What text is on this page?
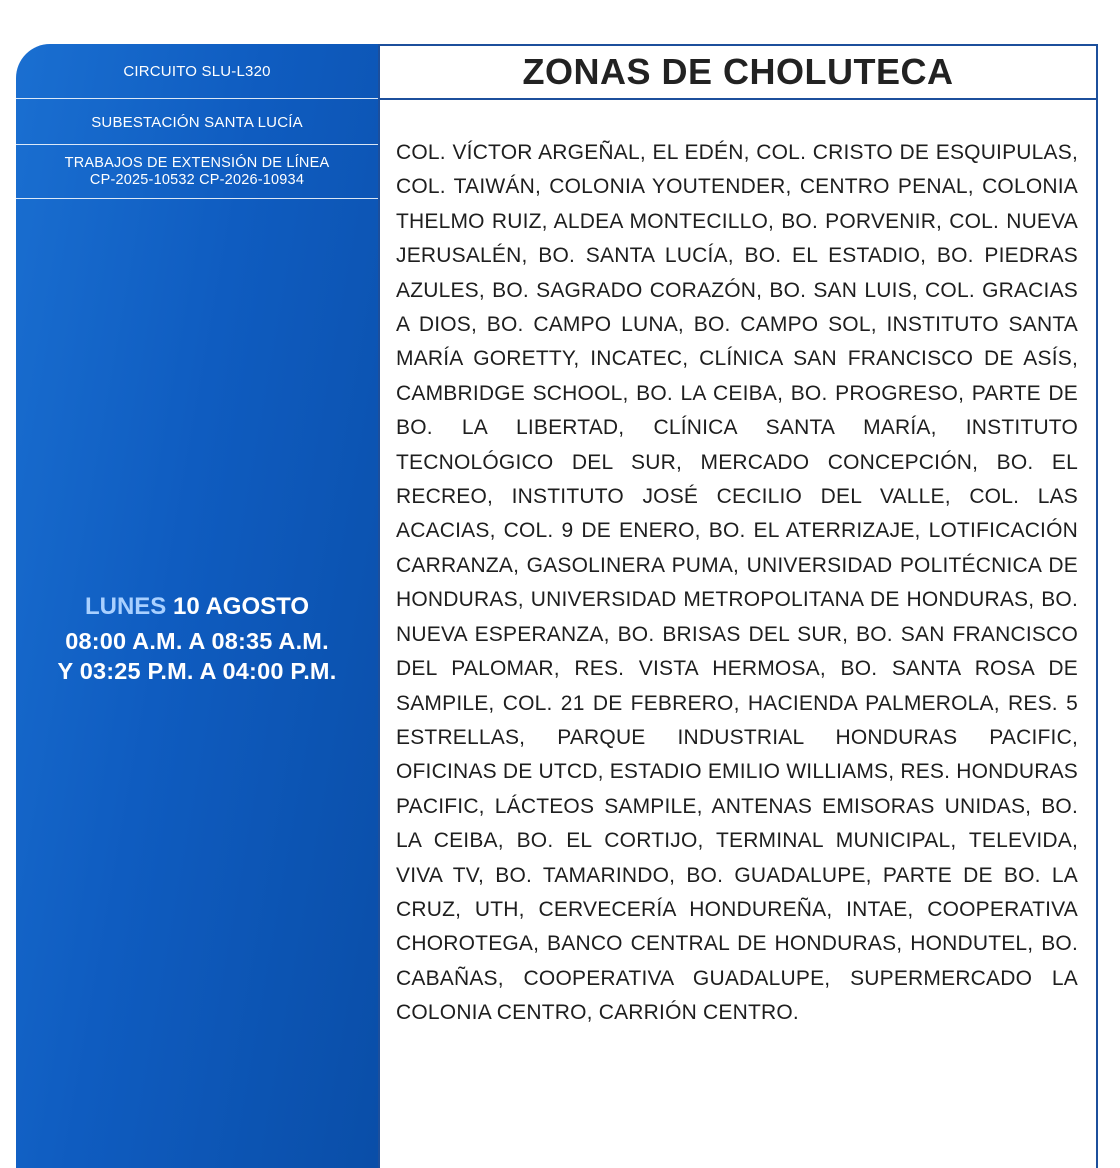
CIRCUITO SLU-L320
SUBESTACIÓN SANTA LUCÍA
TRABAJOS DE EXTENSIÓN DE LÍNEA
CP-2025-10532 CP-2026-10934
LUNES 10 AGOSTO
08:00 A.M. A 08:35 A.M.
Y 03:25 P.M. A 04:00 P.M.
ZONAS DE CHOLUTECA
COL. VÍCTOR ARGEÑAL, EL EDÉN, COL. CRISTO DE ESQUIPULAS, COL. TAIWÁN, COLONIA YOUTENDER, CENTRO PENAL, COLONIA THELMO RUIZ, ALDEA MONTECILLO, BO. PORVENIR, COL. NUEVA JERUSALÉN, BO. SANTA LUCÍA, BO. EL ESTADIO, BO. PIEDRAS AZULES, BO. SAGRADO CORAZÓN, BO. SAN LUIS, COL. GRACIAS A DIOS, BO. CAMPO LUNA, BO. CAMPO SOL, INSTITUTO SANTA MARÍA GORETTY, INCATEC, CLÍNICA SAN FRANCISCO DE ASÍS, CAMBRIDGE SCHOOL, BO. LA CEIBA, BO. PROGRESO, PARTE DE BO. LA LIBERTAD, CLÍNICA SANTA MARÍA, INSTITUTO TECNOLÓGICO DEL SUR, MERCADO CONCEPCIÓN, BO. EL RECREO, INSTITUTO JOSÉ CECILIO DEL VALLE, COL. LAS ACACIAS, COL. 9 DE ENERO, BO. EL ATERRIZAJE, LOTIFICACIÓN CARRANZA, GASOLINERA PUMA, UNIVERSIDAD POLITÉCNICA DE HONDURAS, UNIVERSIDAD METROPOLITANA DE HONDURAS, BO. NUEVA ESPERANZA, BO. BRISAS DEL SUR, BO. SAN FRANCISCO DEL PALOMAR, RES. VISTA HERMOSA, BO. SANTA ROSA DE SAMPILE, COL. 21 DE FEBRERO, HACIENDA PALMEROLA, RES. 5 ESTRELLAS, PARQUE INDUSTRIAL HONDURAS PACIFIC, OFICINAS DE UTCD, ESTADIO EMILIO WILLIAMS, RES. HONDURAS PACIFIC, LÁCTEOS SAMPILE, ANTENAS EMISORAS UNIDAS, BO. LA CEIBA, BO. EL CORTIJO, TERMINAL MUNICIPAL, TELEVIDA, VIVA TV, BO. TAMARINDO, BO. GUADALUPE, PARTE DE BO. LA CRUZ, UTH, CERVECERÍA HONDUREÑA, INTAE, COOPERATIVA CHOROTEGA, BANCO CENTRAL DE HONDURAS, HONDUTEL, BO. CABAÑAS, COOPERATIVA GUADALUPE, SUPERMERCADO LA COLONIA CENTRO, CARRIÓN CENTRO.
